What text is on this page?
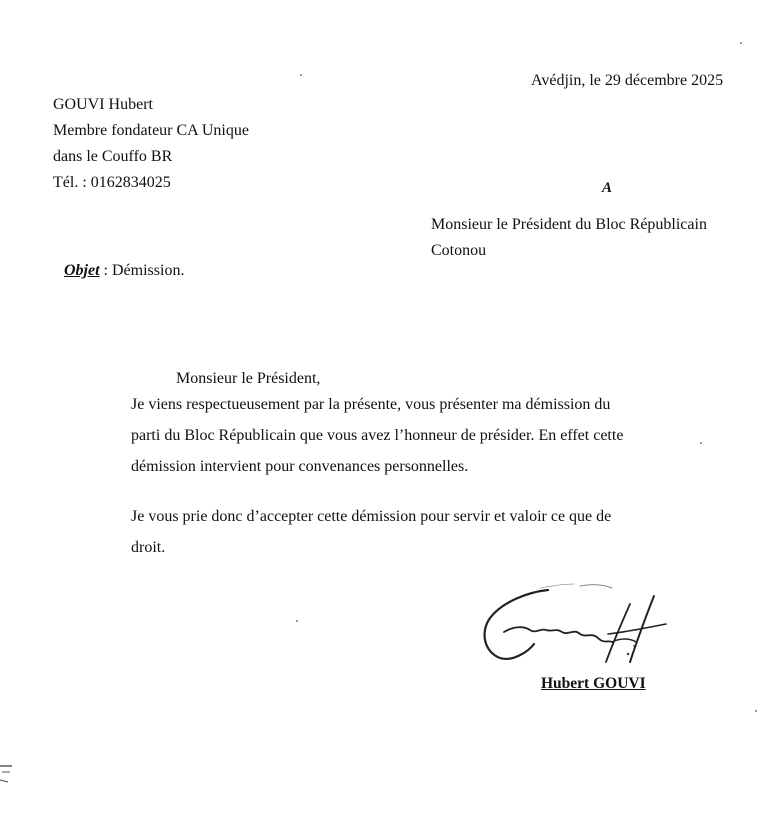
Avédjin, le 29 décembre 2025
GOUVI Hubert
Membre fondateur CA Unique
dans le Couffo BR
Tél. : 0162834025	A
Monsieur le Président du Bloc Républicain
Cotonou
Objet : Démission.
Monsieur le Président,
Je viens respectueusement par la présente, vous présenter ma démission du
parti du Bloc Républicain que vous avez l’honneur de présider. En effet cette
démission intervient pour convenances personnelles.
Je vous prie donc d’accepter cette démission pour servir et valoir ce que de
droit.
Hubert GOUVI
